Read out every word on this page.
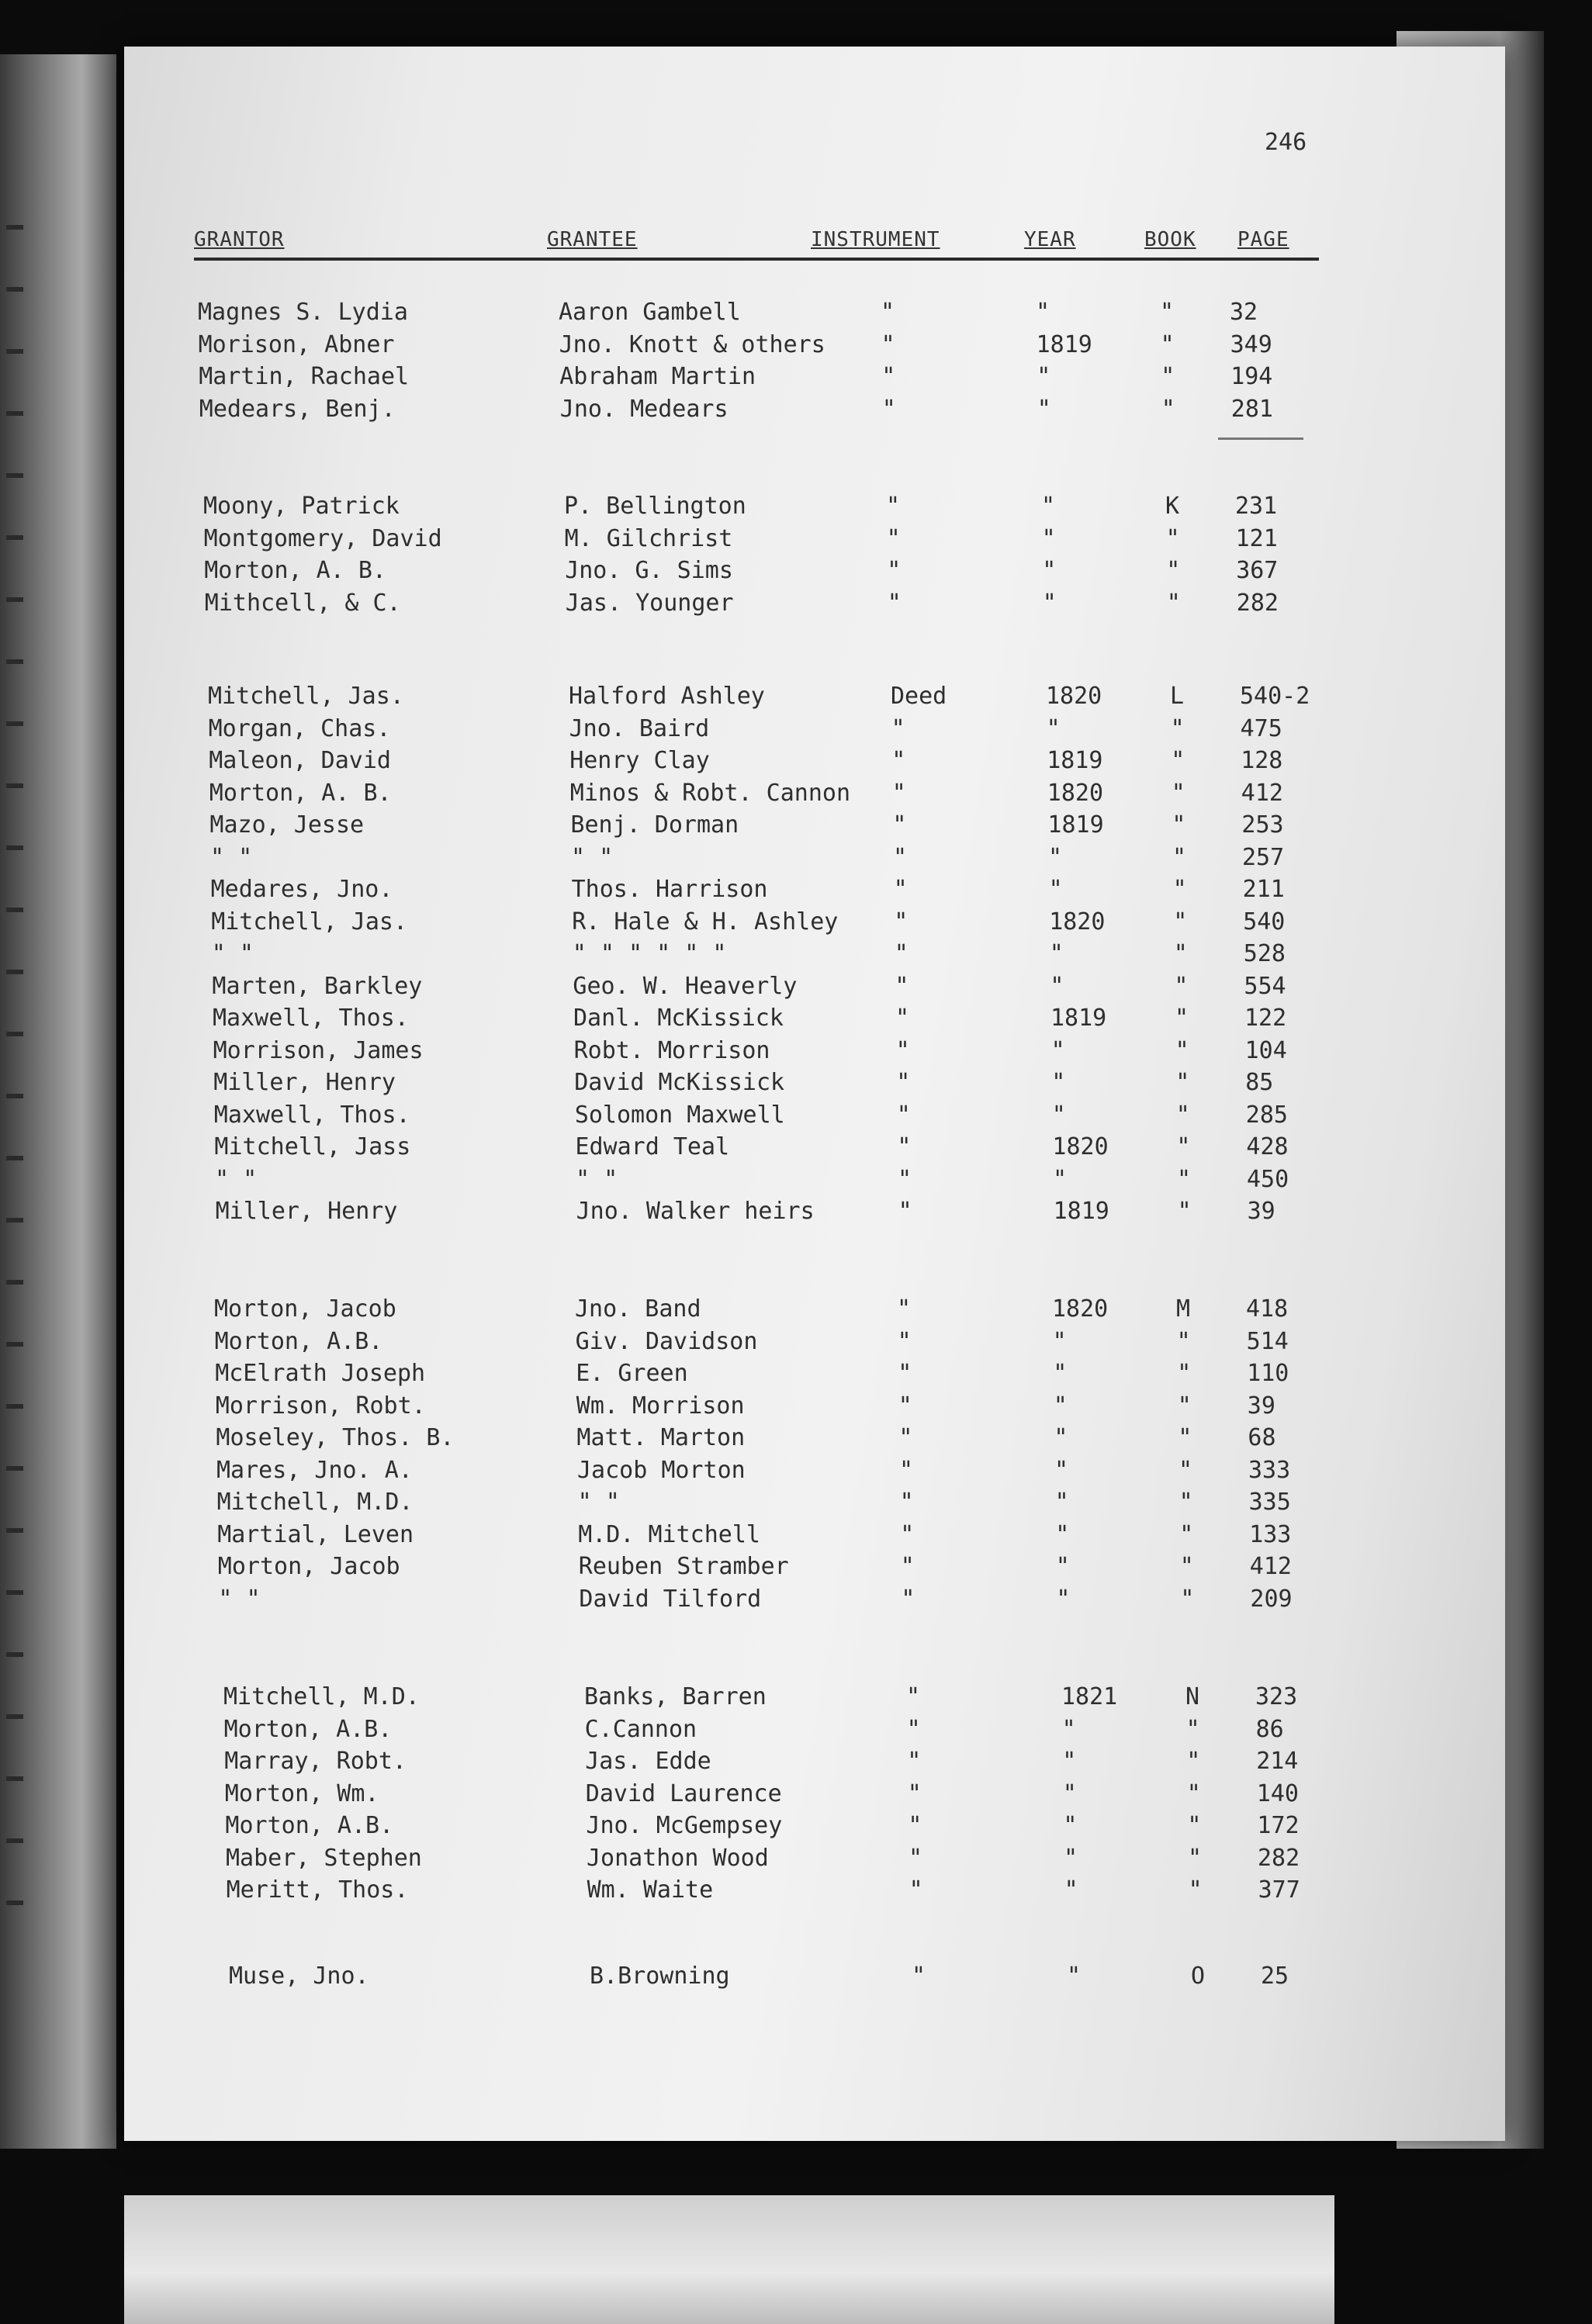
246
GRANTOR	GRANTEE	INSTRUMENT	YEAR	BOOK PAGE
Magnes S. Lydia	Aaron Gambell	"	"	" 32
Morison, Abner	Jno. Knott & others "	1819	" 349
Martin, Rachael	Abraham Martin	"	"	" 194
Medears, Benj.	Jno. Medears	"	"	" 281
Moony, Patrick	P. Bellington	"	"	K 231
Montgomery, David	M. Gilchrist	"	"	" 121
Morton, A. B.	Jno. G. Sims	"	"	" 367
Mithcell, & C.	Jas. Younger	"	"	" 282
Mitchell, Jas.	Halford Ashley	Deed	1820	L 540-2
Morgan, Chas.	Jno. Baird	"	"	" 475
Maleon, David	Henry Clay	"	1819	" 128
Morton, A. B.	Minos & Robt. Cannon "	1820	" 412
Mazo, Jesse	Benj. Dorman	"	1819	" 253
" "	" "	"	"	" 257
Medares, Jno.	Thos. Harrison	"	"	" 211
Mitchell, Jas.	R. Hale & H. Ashley "	1820	" 540
" "	" " " " " "	"	"	" 528
Marten, Barkley	Geo. W. Heaverly	"	"	" 554
Maxwell, Thos.	Danl. McKissick	"	1819	" 122
Morrison, James	Robt. Morrison	"	"	" 104
Miller, Henry	David McKissick	"	"	" 85
Maxwell, Thos.	Solomon Maxwell	"	"	" 285
Mitchell, Jass	Edward Teal	"	1820	" 428
" "	" "	"	"	" 450
Miller, Henry	Jno. Walker heirs	"	1819	" 39
Morton, Jacob	Jno. Band	"	1820	M 418
Morton, A.B.	Giv. Davidson	"	"	" 514
McElrath Joseph	E. Green	"	"	" 110
Morrison, Robt.	Wm. Morrison	"	"	" 39
Moseley, Thos. B.	Matt. Marton	"	"	" 68
Mares, Jno. A.	Jacob Morton	"	"	" 333
Mitchell, M.D.	" "	"	"	" 335
Martial, Leven	M.D. Mitchell	"	"	" 133
Morton, Jacob	Reuben Stramber	"	"	" 412
" "	David Tilford	"	"	" 209
Mitchell, M.D.	Banks, Barren	"	1821	N 323
Morton, A.B.	C.Cannon	"	"	" 86
Marray, Robt.	Jas. Edde	"	"	" 214
Morton, Wm.	David Laurence	"	"	" 140
Morton, A.B.	Jno. McGempsey	"	"	" 172
Maber, Stephen	Jonathon Wood	"	"	" 282
Meritt, Thos.	Wm. Waite	"	"	" 377
Muse, Jno.	B.Browning	"	"	O 25
